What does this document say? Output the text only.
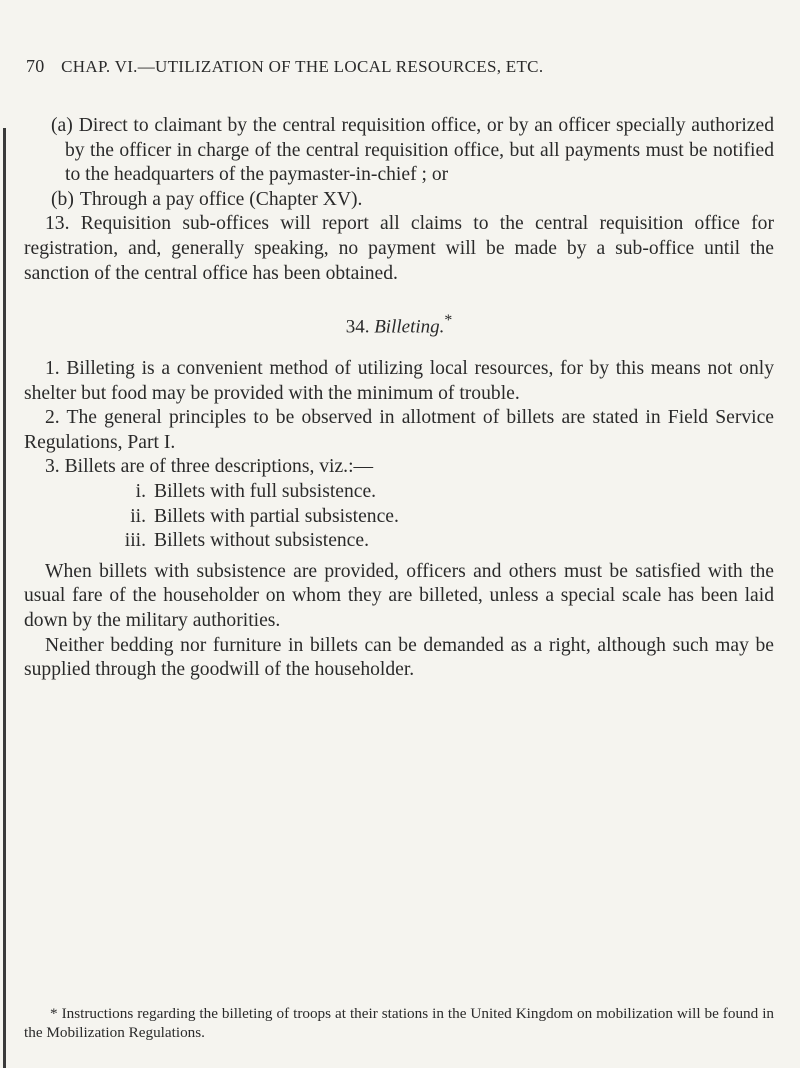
70 CHAP. VI.—UTILIZATION OF THE LOCAL RESOURCES, ETC.

(a) Direct to claimant by the central requisition office, or by an officer specially authorized by the officer in charge of the central requisition office, but all payments must be notified to the headquarters of the paymaster-in-chief ; or

(b) Through a pay office (Chapter XV).

13. Requisition sub-offices will report all claims to the central requisition office for registration, and, generally speaking, no payment will be made by a sub-office until the sanction of the central office has been obtained.

34. Billeting.*

1. Billeting is a convenient method of utilizing local resources, for by this means not only shelter but food may be provided with the minimum of trouble.

2. The general principles to be observed in allotment of billets are stated in Field Service Regulations, Part I.

3. Billets are of three descriptions, viz.:—

i. Billets with full subsistence.

ii. Billets with partial subsistence.

iii. Billets without subsistence.

When billets with subsistence are provided, officers and others must be satisfied with the usual fare of the householder on whom they are billeted, unless a special scale has been laid down by the military authorities.

Neither bedding nor furniture in billets can be demanded as a right, although such may be supplied through the goodwill of the householder.

* Instructions regarding the billeting of troops at their stations in the United Kingdom on mobilization will be found in the Mobilization Regulations.
